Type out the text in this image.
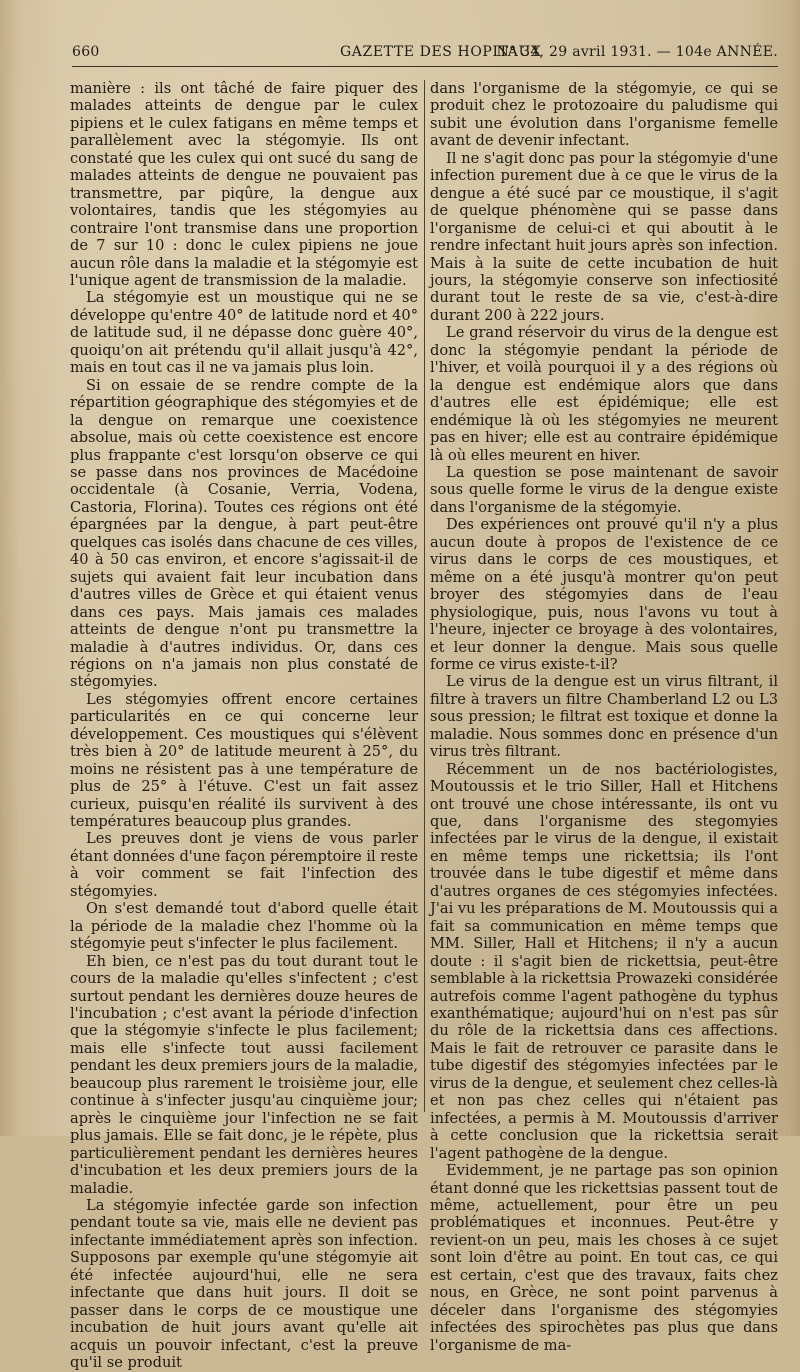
660	GAZETTE DES HOPITAUX
N° 34, 29 avril 1931. — 104e ANNÉE.

manière : ils ont tâché de faire piquer des malades atteints de dengue par le culex pipiens et le culex fatigans en même temps et parallèlement avec la stégomyie. Ils ont constaté que les culex qui ont sucé du sang de malades atteints de dengue ne pouvaient pas transmettre, par piqûre, la dengue aux volontaires, tandis que les stégomyies au contraire l'ont transmise dans une proportion de 7 sur 10 : donc le culex pipiens ne joue aucun rôle dans la maladie et la stégomyie est l'unique agent de transmission de la maladie.

La stégomyie est un moustique qui ne se développe qu'entre 40° de latitude nord et 40° de latitude sud, il ne dépasse donc guère 40°, quoiqu'on ait prétendu qu'il allait jusqu'à 42°, mais en tout cas il ne va jamais plus loin.

Si on essaie de se rendre compte de la répartition géographique des stégomyies et de la dengue on remarque une coexistence absolue, mais où cette coexistence est encore plus frappante c'est lorsqu'on observe ce qui se passe dans nos provinces de Macédoine occidentale (à Cosanie, Verria, Vodena, Castoria, Florina). Toutes ces régions ont été épargnées par la dengue, à part peut-être quelques cas isolés dans chacune de ces villes, 40 à 50 cas environ, et encore s'agissait-il de sujets qui avaient fait leur incubation dans d'autres villes de Grèce et qui étaient venus dans ces pays. Mais jamais ces malades atteints de dengue n'ont pu transmettre la maladie à d'autres individus. Or, dans ces régions on n'a jamais non plus constaté de stégomyies.

Les stégomyies offrent encore certaines particularités en ce qui concerne leur développement. Ces moustiques qui s'élèvent très bien à 20° de latitude meurent à 25°, du moins ne résistent pas à une température de plus de 25° à l'étuve. C'est un fait assez curieux, puisqu'en réalité ils survivent à des températures beaucoup plus grandes.

Les preuves dont je viens de vous parler étant données d'une façon péremptoire il reste à voir comment se fait l'infection des stégomyies.

On s'est demandé tout d'abord quelle était la période de la maladie chez l'homme où la stégomyie peut s'infecter le plus facilement.

Eh bien, ce n'est pas du tout durant tout le cours de la maladie qu'elles s'infectent ; c'est surtout pendant les dernières douze heures de l'incubation ; c'est avant la période d'infection que la stégomyie s'infecte le plus facilement; mais elle s'infecte tout aussi facilement pendant les deux premiers jours de la maladie, beaucoup plus rarement le troisième jour, elle continue à s'infecter jusqu'au cinquième jour; après le cinquième jour l'infection ne se fait plus jamais. Elle se fait donc, je le répète, plus particulièrement pendant les dernières heures d'incubation et les deux premiers jours de la maladie.

La stégomyie infectée garde son infection pendant toute sa vie, mais elle ne devient pas infectante immédiatement après son infection. Supposons par exemple qu'une stégomyie ait été infectée aujourd'hui, elle ne sera infectante que dans huit jours. Il doit se passer dans le corps de ce moustique une incubation de huit jours avant qu'elle ait acquis un pouvoir infectant, c'est la preuve qu'il se produit

dans l'organisme de la stégomyie, ce qui se produit chez le protozoaire du paludisme qui subit une évolution dans l'organisme femelle avant de devenir infectant.

Il ne s'agit donc pas pour la stégomyie d'une infection purement due à ce que le virus de la dengue a été sucé par ce moustique, il s'agit de quelque phénomène qui se passe dans l'organisme de celui-ci et qui aboutit à le rendre infectant huit jours après son infection. Mais à la suite de cette incubation de huit jours, la stégomyie conserve son infectiosité durant tout le reste de sa vie, c'est-à-dire durant 200 à 222 jours.

Le grand réservoir du virus de la dengue est donc la stégomyie pendant la période de l'hiver, et voilà pourquoi il y a des régions où la dengue est endémique alors que dans d'autres elle est épidémique; elle est endémique là où les stégomyies ne meurent pas en hiver; elle est au contraire épidémique là où elles meurent en hiver.

La question se pose maintenant de savoir sous quelle forme le virus de la dengue existe dans l'organisme de la stégomyie.

Des expériences ont prouvé qu'il n'y a plus aucun doute à propos de l'existence de ce virus dans le corps de ces moustiques, et même on a été jusqu'à montrer qu'on peut broyer des stégomyies dans de l'eau physiologique, puis, nous l'avons vu tout à l'heure, injecter ce broyage à des volontaires, et leur donner la dengue. Mais sous quelle forme ce virus existe-t-il?

Le virus de la dengue est un virus filtrant, il filtre à travers un filtre Chamberland L2 ou L3 sous pression; le filtrat est toxique et donne la maladie. Nous sommes donc en présence d'un virus très filtrant.

Récemment un de nos bactériologistes, Moutoussis et le trio Siller, Hall et Hitchens ont trouvé une chose intéressante, ils ont vu que, dans l'organisme des stegomyies infectées par le virus de la dengue, il existait en même temps une rickettsia; ils l'ont trouvée dans le tube digestif et même dans d'autres organes de ces stégomyies infectées. J'ai vu les préparations de M. Moutoussis qui a fait sa communication en même temps que MM. Siller, Hall et Hitchens; il n'y a aucun doute : il s'agit bien de rickettsia, peut-être semblable à la rickettsia Prowazeki considérée autrefois comme l'agent pathogène du typhus exanthématique; aujourd'hui on n'est pas sûr du rôle de la rickettsia dans ces affections. Mais le fait de retrouver ce parasite dans le tube digestif des stégomyies infectées par le virus de la dengue, et seulement chez celles-là et non pas chez celles qui n'étaient pas infectées, a permis à M. Moutoussis d'arriver à cette conclusion que la rickettsia serait l'agent pathogène de la dengue.

Evidemment, je ne partage pas son opinion étant donné que les rickettsias passent tout de même, actuellement, pour être un peu problématiques et inconnues. Peut-être y revient-on un peu, mais les choses à ce sujet sont loin d'être au point. En tout cas, ce qui est certain, c'est que des travaux, faits chez nous, en Grèce, ne sont point parvenus à déceler dans l'organisme des stégomyies infectées des spirochètes pas plus que dans l'organisme de ma-
